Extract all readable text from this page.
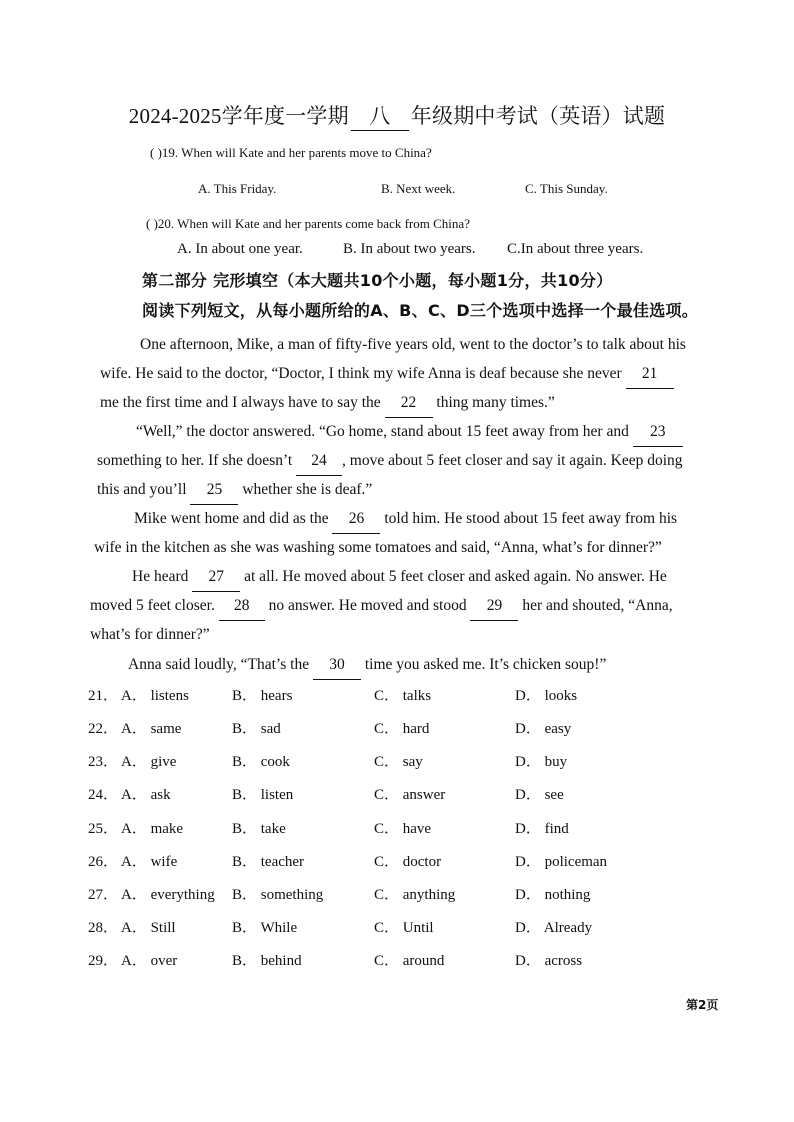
2024-2025学年度一学期 八 年级期中考试（英语）试题
( )19. When will Kate and her parents move to China?
A. This Friday.	B. Next week.	C. This Sunday.
( )20. When will Kate and her parents come back from China?
A. In about one year.	B. In about two years. C.In about three years.
第二部分 完形填空（本大题共10个小题，每小题1分，共10分）
阅读下列短文，从每小题所给的A、B、C、D三个选项中选择一个最佳选项。

One afternoon, Mike, a man of fifty-five years old, went to the doctor’s to talk about his

wife. He said to the doctor, “Doctor, I think my wife Anna is deaf because she never 21

me the first time and I always have to say the 22 thing many times.”

“Well,” the doctor answered. “Go home, stand about 15 feet away from her and 23

something to her. If she doesn’t 24 , move about 5 feet closer and say it again. Keep doing

this and you’ll 25 whether she is deaf.”

Mike went home and did as the 26 told him. He stood about 15 feet away from his

wife in the kitchen as she was washing some tomatoes and said, “Anna, what’s for dinner?”

He heard 27 at all. He moved about 5 feet closer and asked again. No answer. He

moved 5 feet closer. 28 no answer. He moved and stood 29 her and shouted, “Anna,

what’s for dinner?”

Anna said loudly, “That’s the 30 time you asked me. It’s chicken soup!”

21． A． listens	B． hears	C． talks	D． looks
22． A． same	B． sad	C． hard	D． easy
23． A． give	B． cook	C． say	D． buy
24． A． ask	B． listen	C． answer	D． see
25． A． make	B． take	C． have	D． find
26． A． wife	B． teacher	C． doctor	D． policeman
27． A． everything B． something	C． anything	D． nothing
28． A． Still	B． While	C． Until	D． Already
29． A． over	B． behind	C． around	D． across
第2页
